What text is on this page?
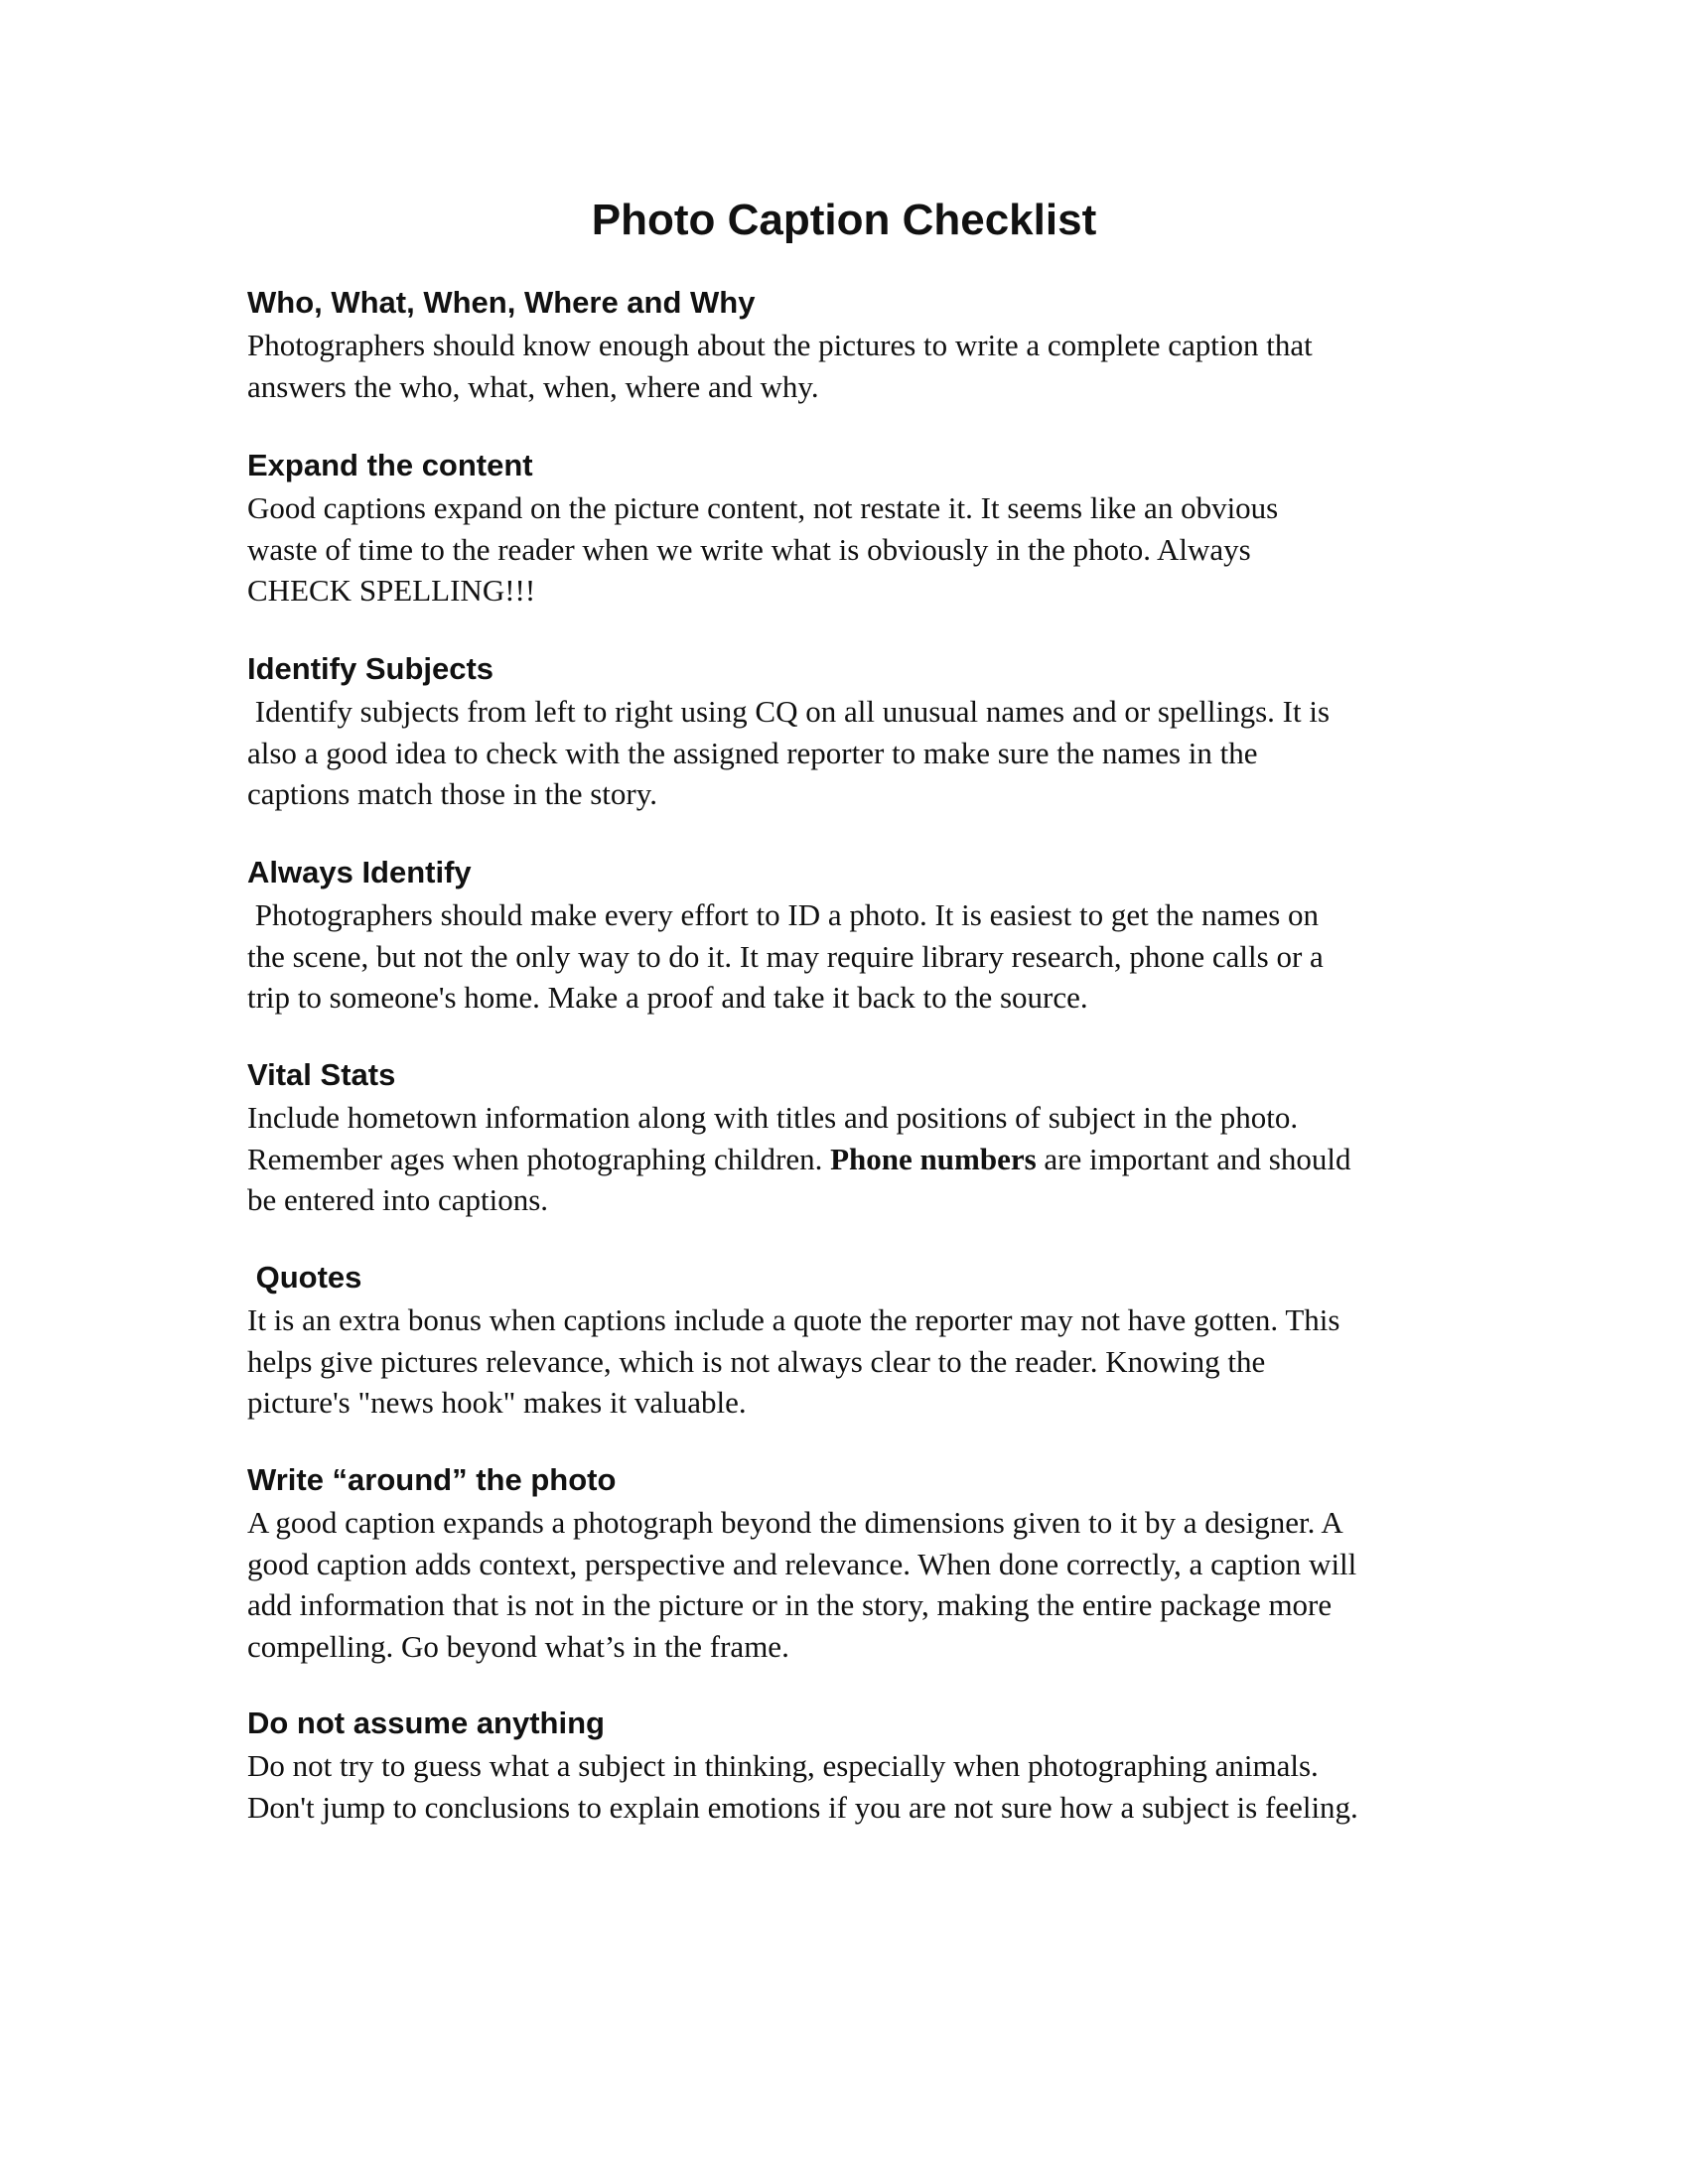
Photo Caption Checklist
Who, What, When, Where and Why
Photographers should know enough about the pictures to write a complete caption that
answers the who, what, when, where and why.
Expand the content
Good captions expand on the picture content, not restate it. It seems like an obvious
waste of time to the reader when we write what is obviously in the photo. Always
CHECK SPELLING!!!
Identify Subjects
Identify subjects from left to right using CQ on all unusual names and or spellings. It is
also a good idea to check with the assigned reporter to make sure the names in the
captions match those in the story.
Always Identify
Photographers should make every effort to ID a photo. It is easiest to get the names on
the scene, but not the only way to do it. It may require library research, phone calls or a
trip to someone's home. Make a proof and take it back to the source.
Vital Stats
Include hometown information along with titles and positions of subject in the photo.
Remember ages when photographing children. Phone numbers are important and should
be entered into captions.
Quotes
It is an extra bonus when captions include a quote the reporter may not have gotten. This
helps give pictures relevance, which is not always clear to the reader. Knowing the
picture's "news hook" makes it valuable.
Write “around” the photo
A good caption expands a photograph beyond the dimensions given to it by a designer. A
good caption adds context, perspective and relevance. When done correctly, a caption will
add information that is not in the picture or in the story, making the entire package more
compelling. Go beyond what’s in the frame.
Do not assume anything
Do not try to guess what a subject in thinking, especially when photographing animals.
Don't jump to conclusions to explain emotions if you are not sure how a subject is feeling.
